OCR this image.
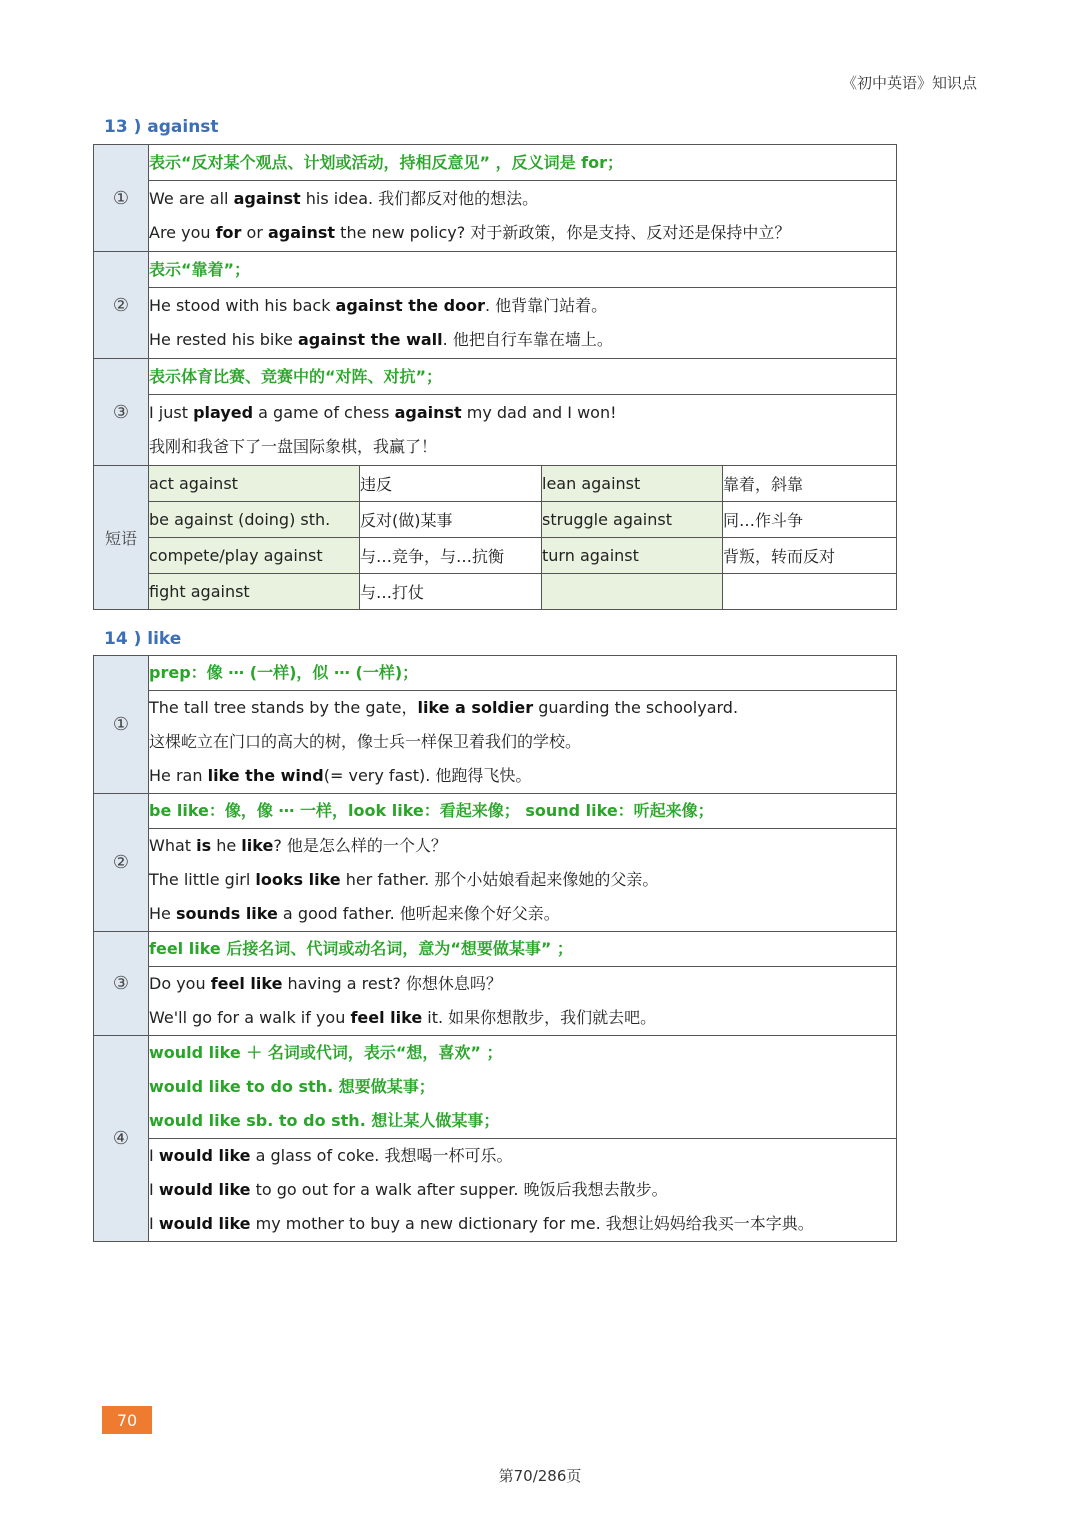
《初中英语》知识点
13 ) against
①	表示“反对某个观点、计划或活动，持相反意见” ，反义词是 for；			

	We are all against his idea. 我们都反对他的想法。
Are you for or against the new policy? 对于新政策，你是支持、反对还是保持中立？			

②	表示“靠着”；			

	He stood with his back against the door. 他背靠门站着。
He rested his bike against the wall. 他把自行车靠在墙上。			

③	表示体育比赛、竞赛中的“对阵、对抗”；			

	I just played a game of chess against my dad and I won!
我刚和我爸下了一盘国际象棋，我赢了！			

短语	act against	违反	lean against	靠着，斜靠
	be against (doing) sth.	反对(做)某事	struggle against	同…作斗争
	compete/play against	与…竞争，与…抗衡	turn against	背叛，转而反对
	fight against	与…打仗		
14 ) like
①	prep：像 ⋯ (一样)，似 ⋯ (一样)；

	The tall tree stands by the gate，like a soldier guarding the schoolyard.
这棵屹立在门口的高大的树，像士兵一样保卫着我们的学校。
He ran like the wind(= very fast). 他跑得飞快。

②	be like：像，像 ⋯ 一样，look like：看起来像； sound like：听起来像；

	What is he like? 他是怎么样的一个人？
The little girl looks like her father. 那个小姑娘看起来像她的父亲。
He sounds like a good father. 他听起来像个好父亲。

③	feel like 后接名词、代词或动名词，意为“想要做某事” ；

	Do you feel like having a rest? 你想休息吗？
We'll go for a walk if you feel like it. 如果你想散步，我们就去吧。

④	would like ＋ 名词或代词，表示“想，喜欢” ；
would like to do sth. 想要做某事；
would like sb. to do sth. 想让某人做某事；

	I would like a glass of coke. 我想喝一杯可乐。
I would like to go out for a walk after supper. 晚饭后我想去散步。
I would like my mother to buy a new dictionary for me. 我想让妈妈给我买一本字典。
70
第70/286页
